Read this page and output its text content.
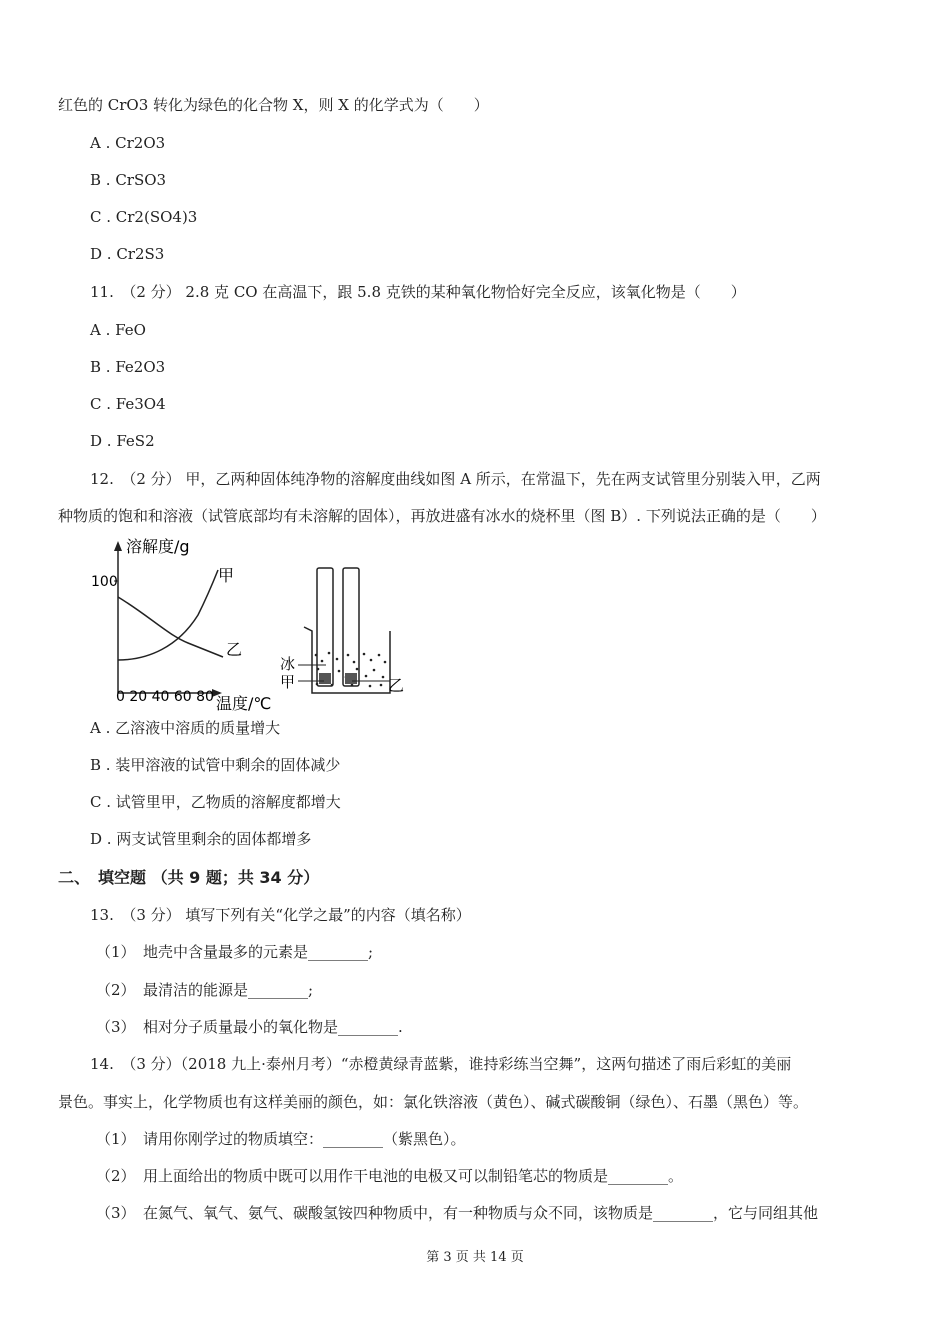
红色的 CrO3 转化为绿色的化合物 X，则 X 的化学式为（　　）
A . Cr2O3
B . CrSO3
C . Cr2(SO4)3
D . Cr2S3
11.　（2 分） 2.8 克 CO 在高温下，跟 5.8 克铁的某种氧化物恰好完全反应，该氧化物是（　　）
A . FeO
B . Fe2O3
C . Fe3O4
D . FeS2
12.　（2 分） 甲，乙两种固体纯净物的溶解度曲线如图 A 所示，在常温下，先在两支试管里分别装入甲，乙两
种物质的饱和和溶液（试管底部均有未溶解的固体），再放进盛有冰水的烧杯里（图 B）. 下列说法正确的是（　　）
溶解度/g
100	甲
乙
0 20 40 60 80 温度/℃
冰
甲	乙
A . 乙溶液中溶质的质量增大
B . 装甲溶液的试管中剩余的固体减少
C . 试管里甲，乙物质的溶解度都增大
D . 两支试管里剩余的固体都增多
二、　填空题 （共 9 题；共 34 分）
13.　（3 分） 填写下列有关“化学之最”的内容（填名称）
（1）　地壳中含量最多的元素是________;
（2）　最清洁的能源是________;
（3）　相对分子质量最小的氧化物是________.
14.　（3 分）（2018 九上·泰州月考）“赤橙黄绿青蓝紫，谁持彩练当空舞”，这两句描述了雨后彩虹的美丽
景色。事实上，化学物质也有这样美丽的颜色，如：氯化铁溶液（黄色）、碱式碳酸铜（绿色）、石墨（黑色）等。
（1）　请用你刚学过的物质填空：________（紫黑色）。
（2）　用上面给出的物质中既可以用作干电池的电极又可以制铅笔芯的物质是________。
（3）　在氮气、氧气、氨气、碳酸氢铵四种物质中，有一种物质与众不同，该物质是________，它与同组其他
第 3 页 共 14 页
